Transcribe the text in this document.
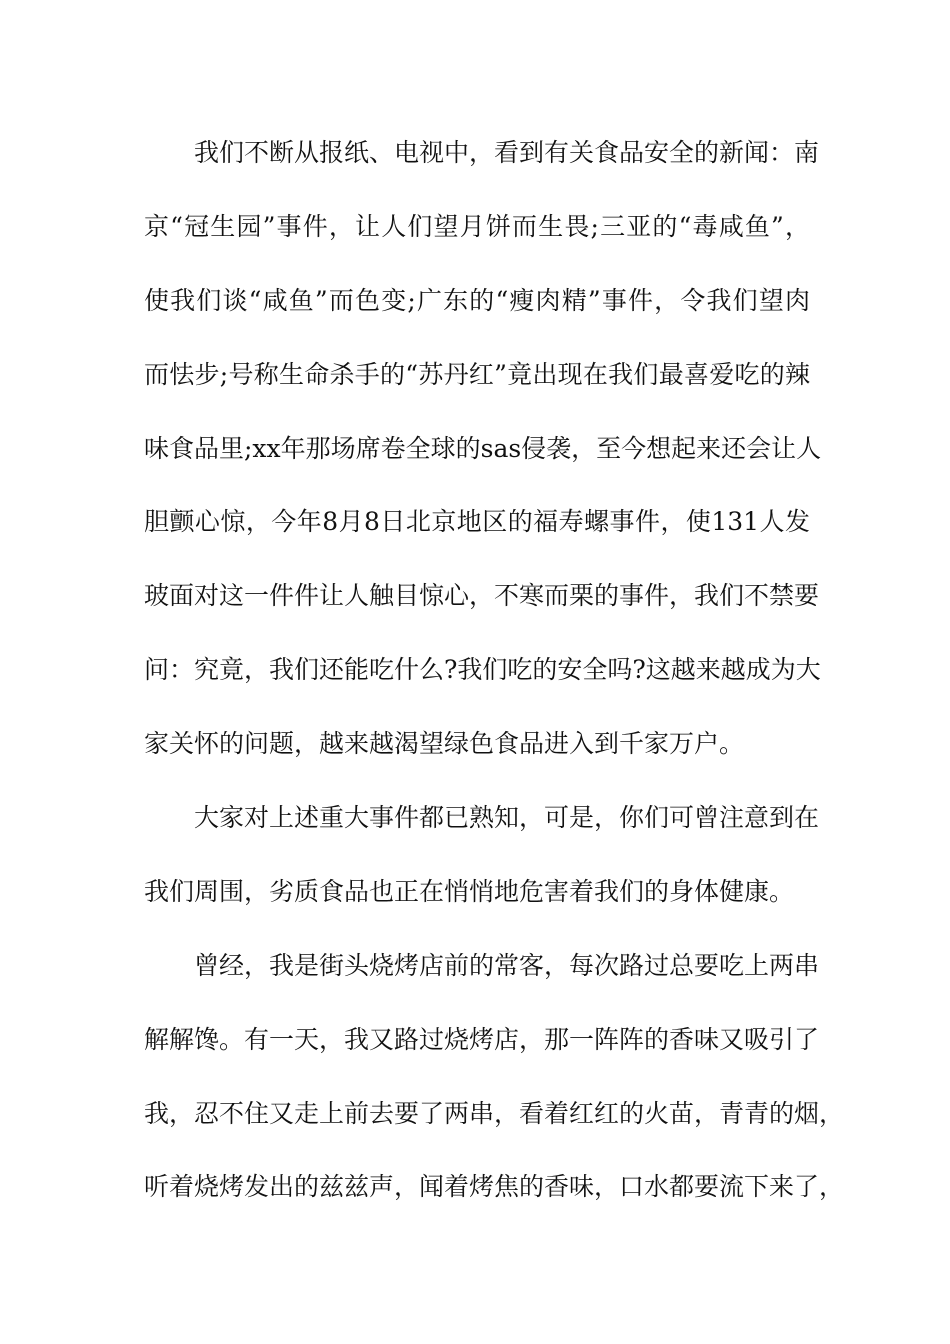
我们不断从报纸、电视中，看到有关食品安全的新闻：南
京“冠生园”事件，让人们望月饼而生畏;三亚的“毒咸鱼”，
使我们谈“咸鱼”而色变;广东的“瘦肉精”事件，令我们望肉
而怯步;号称生命杀手的“苏丹红”竟出现在我们最喜爱吃的辣
味食品里;xx年那场席卷全球的sas侵袭，至今想起来还会让人
胆颤心惊，今年8月8日北京地区的福寿螺事件，使131人发
玻面对这一件件让人触目惊心，不寒而栗的事件，我们不禁要
问：究竟，我们还能吃什么?我们吃的安全吗?这越来越成为大
家关怀的问题，越来越渴望绿色食品进入到千家万户。
大家对上述重大事件都已熟知，可是，你们可曾注意到在
我们周围，劣质食品也正在悄悄地危害着我们的身体健康。
曾经，我是街头烧烤店前的常客，每次路过总要吃上两串
解解馋。有一天，我又路过烧烤店，那一阵阵的香味又吸引了
我，忍不住又走上前去要了两串，看着红红的火苗，青青的烟，
听着烧烤发出的兹兹声，闻着烤焦的香味，口水都要流下来了，
